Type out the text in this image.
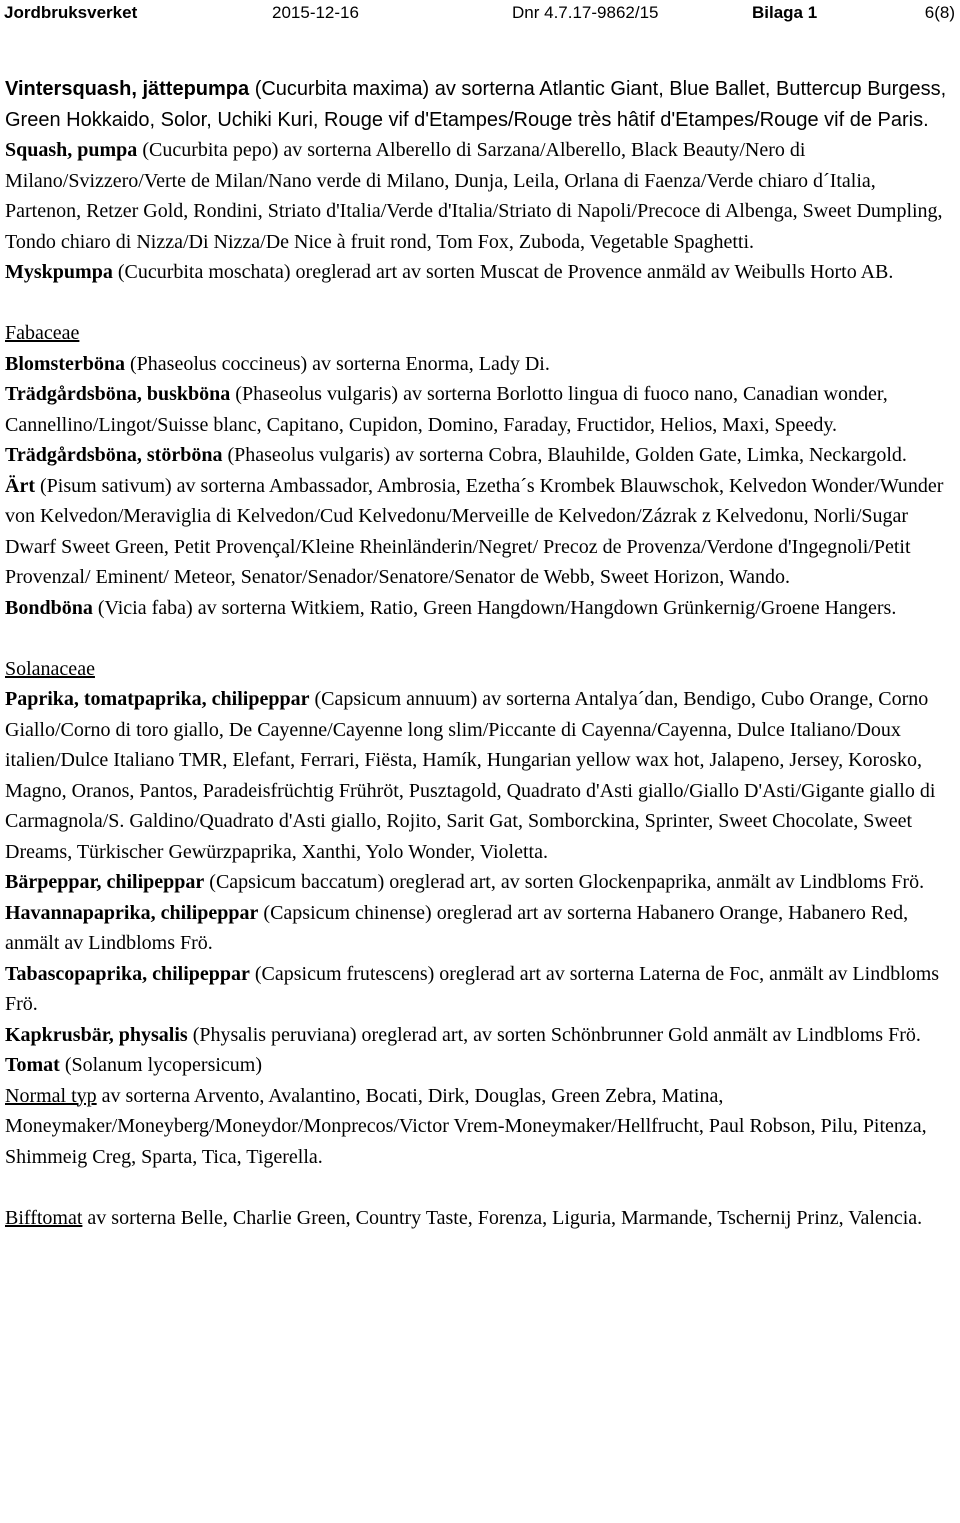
Jordbruksverket	2015-12-16	Dnr 4.7.17-9862/15	Bilaga 1	6(8)

Vintersquash, jättepumpa (Cucurbita maxima) av sorterna Atlantic Giant, Blue Ballet, Buttercup Burgess, Green Hokkaido, Solor, Uchiki Kuri, Rouge vif d'Etampes/Rouge très hâtif d'Etampes/Rouge vif de Paris.

Squash, pumpa (Cucurbita pepo) av sorterna Alberello di Sarzana/Alberello, Black Beauty/Nero di Milano/Svizzero/Verte de Milan/Nano verde di Milano, Dunja, Leila, Orlana di Faenza/Verde chiaro d´Italia, Partenon, Retzer Gold, Rondini, Striato d'Italia/Verde d'Italia/Striato di Napoli/Precoce di Albenga, Sweet Dumpling, Tondo chiaro di Nizza/Di Nizza/De Nice à fruit rond, Tom Fox, Zuboda, Vegetable Spaghetti.

Myskpumpa (Cucurbita moschata) oreglerad art av sorten Muscat de Provence anmäld av Weibulls Horto AB.

Fabaceae

Blomsterböna (Phaseolus coccineus) av sorterna Enorma, Lady Di.

Trädgårdsböna, buskböna (Phaseolus vulgaris) av sorterna Borlotto lingua di fuoco nano, Canadian wonder, Cannellino/Lingot/Suisse blanc, Capitano, Cupidon, Domino, Faraday, Fructidor, Helios, Maxi, Speedy.

Trädgårdsböna, störböna (Phaseolus vulgaris) av sorterna Cobra, Blauhilde, Golden Gate, Limka, Neckargold.

Ärt (Pisum sativum) av sorterna Ambassador, Ambrosia, Ezetha´s Krombek Blauwschok, Kelvedon Wonder/Wunder von Kelvedon/Meraviglia di Kelvedon/Cud Kelvedonu/Merveille de Kelvedon/Zázrak z Kelvedonu, Norli/Sugar Dwarf Sweet Green, Petit Provençal/Kleine Rheinländerin/Negret/ Precoz de Provenza/Verdone d'Ingegnoli/Petit Provenzal/ Eminent/ Meteor, Senator/Senador/Senatore/Senator de Webb, Sweet Horizon, Wando.

Bondböna (Vicia faba) av sorterna Witkiem, Ratio, Green Hangdown/Hangdown Grünkernig/Groene Hangers.

Solanaceae

Paprika, tomatpaprika, chilipeppar (Capsicum annuum) av sorterna Antalya´dan, Bendigo, Cubo Orange, Corno Giallo/Corno di toro giallo, De Cayenne/Cayenne long slim/Piccante di Cayenna/Cayenna, Dulce Italiano/Doux italien/Dulce Italiano TMR, Elefant, Ferrari, Fiësta, Hamík, Hungarian yellow wax hot, Jalapeno, Jersey, Korosko, Magno, Oranos, Pantos, Paradeisfrüchtig Frühröt, Pusztagold, Quadrato d'Asti giallo/Giallo D'Asti/Gigante giallo di Carmagnola/S. Galdino/Quadrato d'Asti giallo, Rojito, Sarit Gat, Somborckina, Sprinter, Sweet Chocolate, Sweet Dreams, Türkischer Gewürzpaprika, Xanthi, Yolo Wonder, Violetta.

Bärpeppar, chilipeppar (Capsicum baccatum) oreglerad art, av sorten Glockenpaprika, anmält av Lindbloms Frö.

Havannapaprika, chilipeppar (Capsicum chinense) oreglerad art av sorterna Habanero Orange, Habanero Red, anmält av Lindbloms Frö.

Tabascopaprika, chilipeppar (Capsicum frutescens) oreglerad art av sorterna Laterna de Foc, anmält av Lindbloms Frö.

Kapkrusbär, physalis (Physalis peruviana) oreglerad art, av sorten Schönbrunner Gold anmält av Lindbloms Frö.

Tomat (Solanum lycopersicum)

Normal typ av sorterna Arvento, Avalantino, Bocati, Dirk, Douglas, Green Zebra, Matina, Moneymaker/Moneyberg/Moneydor/Monprecos/Victor Vrem-Moneymaker/Hellfrucht, Paul Robson, Pilu, Pitenza, Shimmeig Creg, Sparta, Tica, Tigerella.

Bifftomat av sorterna Belle, Charlie Green, Country Taste, Forenza, Liguria, Marmande, Tschernij Prinz, Valencia.
